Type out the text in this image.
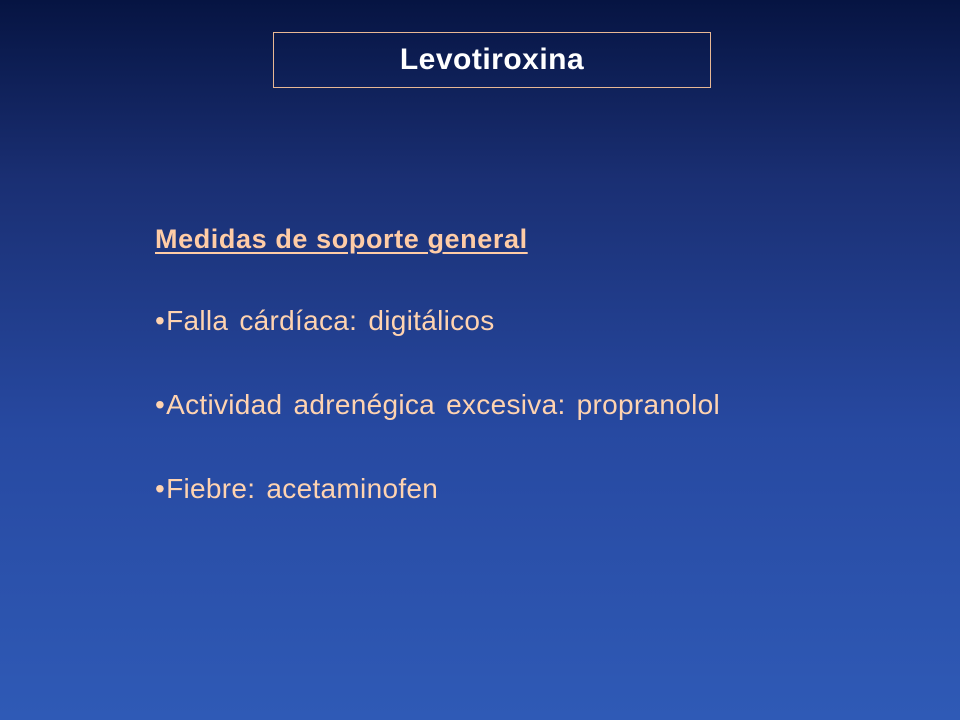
Levotiroxina
Medidas de soporte general
• Falla cárdíaca: digitálicos
• Actividad adrenégica excesiva: propranolol
• Fiebre: acetaminofen
